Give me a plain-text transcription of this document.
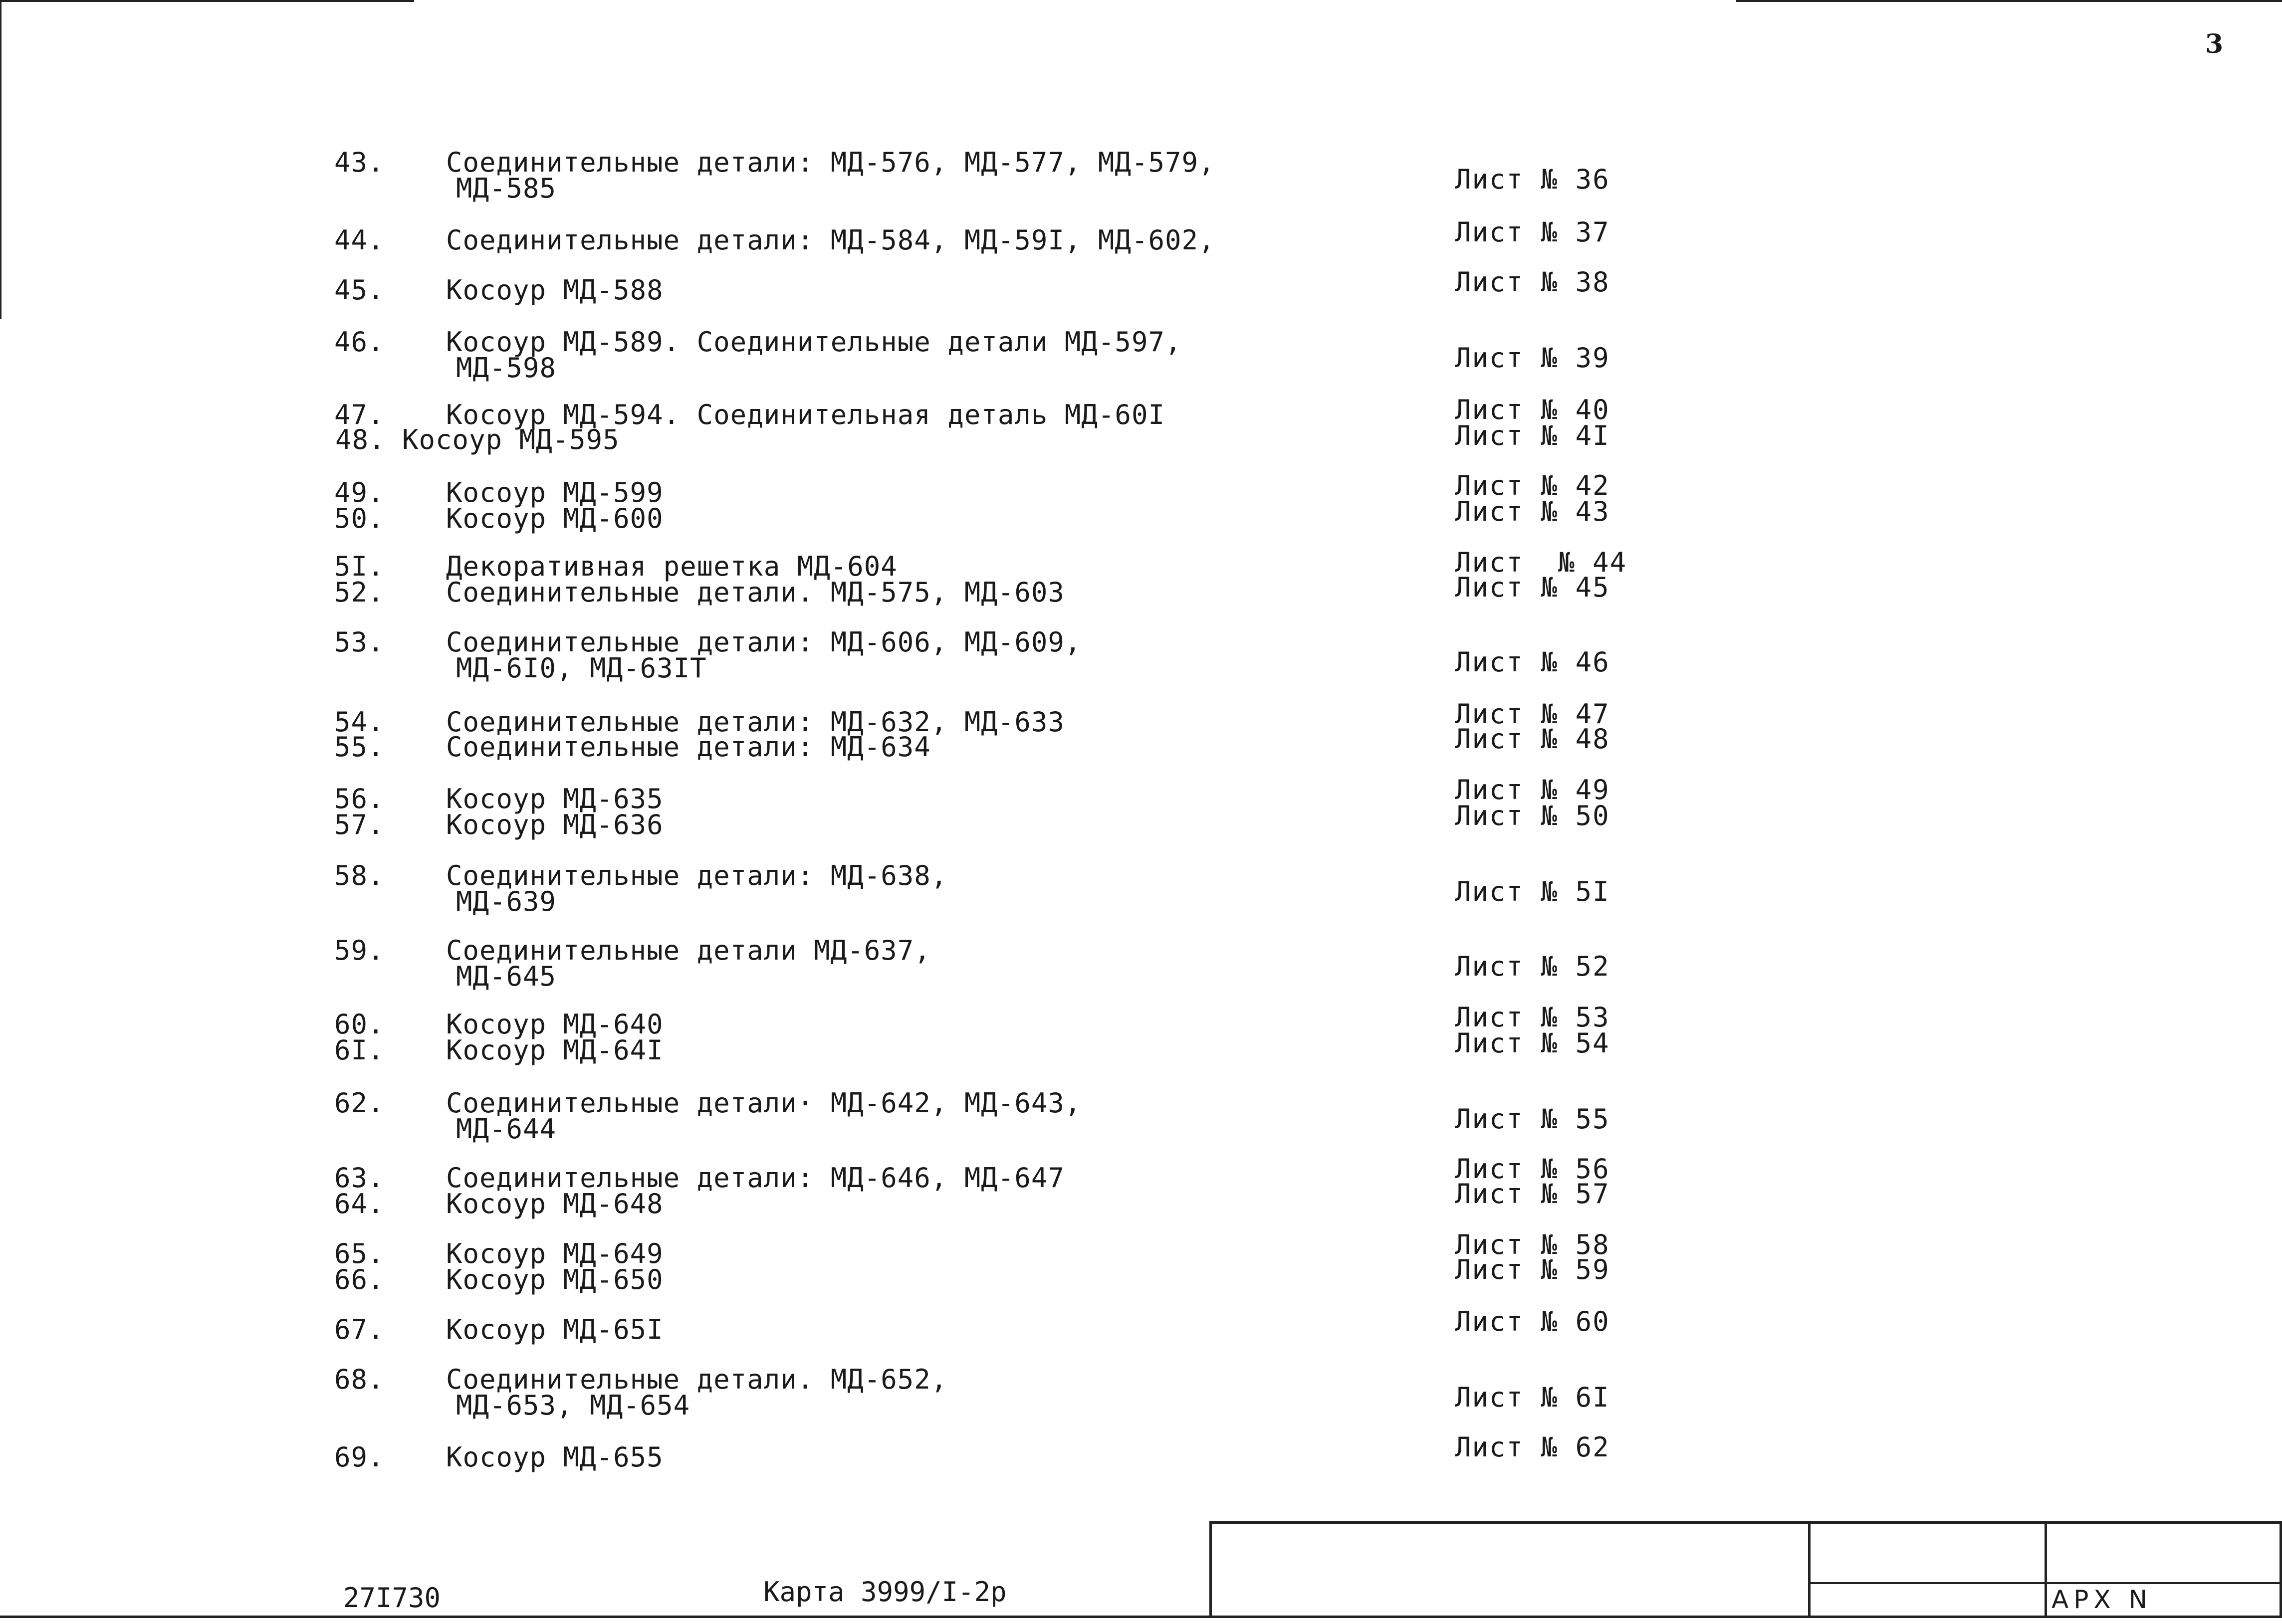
3
43. Соединительные детали: МД-576, МД-577, МД-579,
МД-585
44. Соединительные детали: МД-584, МД-59I, МД-602,
45. Косоур МД-588
46. Косоур МД-589. Соединительные детали МД-597,
МД-598
47. Косоур МД-594. Соединительная деталь МД-60I
48. Косоур МД-595
49. Косоур МД-599
50. Косоур МД-600
5I. Декоративная решетка МД-604
52. Соединительные детали. МД-575, МД-603
53. Соединительные детали: МД-606, МД-609,
МД-6I0, МД-63IТ
54. Соединительные детали: МД-632, МД-633
55. Соединительные детали: МД-634
56. Косоур МД-635
57. Косоур МД-636
58. Соединительные детали: МД-638,
МД-639
59. Соединительные детали МД-637,
МД-645
60. Косоур МД-640
6I. Косоур МД-64I
62. Соединительные детали· МД-642, МД-643,
МД-644
63. Соединительные детали: МД-646, МД-647
64. Косоур МД-648
65. Косоур МД-649
66. Косоур МД-650
67. Косоур МД-65I
68. Соединительные детали. МД-652,
МД-653, МД-654
69. Косоур МД-655
Лист № 36
Лист № 37
Лист № 38
Лист № 39
Лист № 40
Лист № 4I
Лист № 42
Лист № 43
Лист  № 44
Лист № 45
Лист № 46
Лист № 47
Лист № 48
Лист № 49
Лист № 50
Лист № 5I
Лист № 52
Лист № 53
Лист № 54
Лист № 55
Лист № 56
Лист № 57
Лист № 58
Лист № 59
Лист № 60
Лист № 6I
Лист № 62
27I730	Карта 3999/I-2р	АРХ N
